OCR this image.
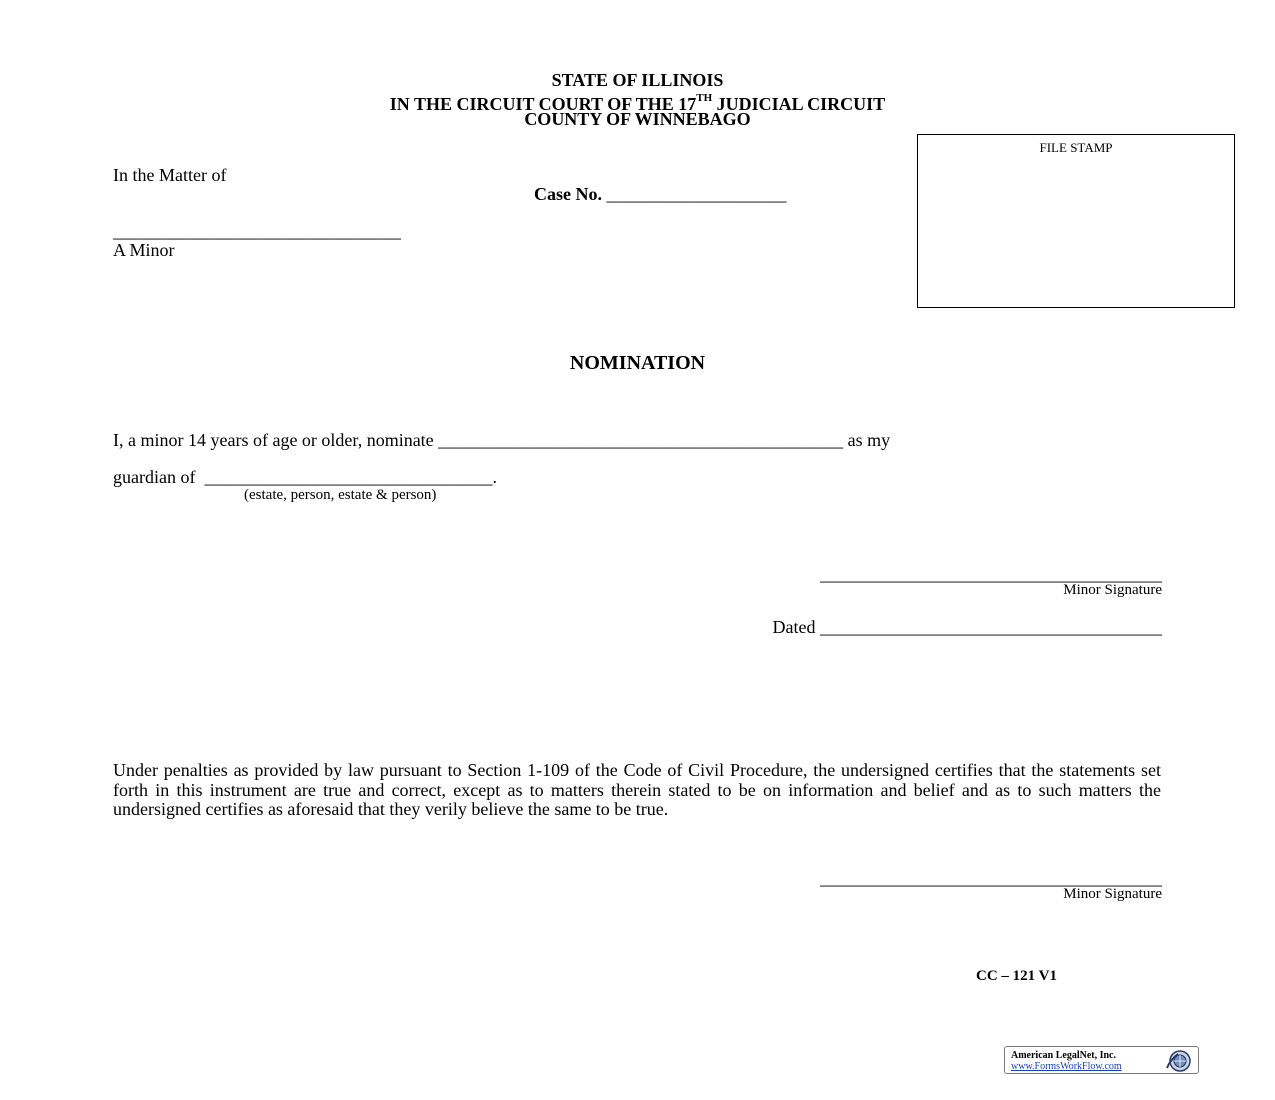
STATE OF ILLINOIS
IN THE CIRCUIT COURT OF THE 17TH JUDICIAL CIRCUIT
COUNTY OF WINNEBAGO
FILE STAMP
In the Matter of
Case No. ____________________
________________________________
A Minor
NOMINATION
I, a minor 14 years of age or older, nominate _____________________________________________ as my
guardian of ________________________________.
(estate, person, estate & person)
______________________________________
Minor Signature
Dated ______________________________________
Under penalties as provided by law pursuant to Section 1-109 of the Code of Civil Procedure, the undersigned certifies that the statements set forth in this instrument are true and correct, except as to matters therein stated to be on information and belief and as to such matters the undersigned certifies as aforesaid that they verily believe the same to be true.
______________________________________
Minor Signature
CC – 121 V1
American LegalNet, Inc.
www.FormsWorkFlow.com
